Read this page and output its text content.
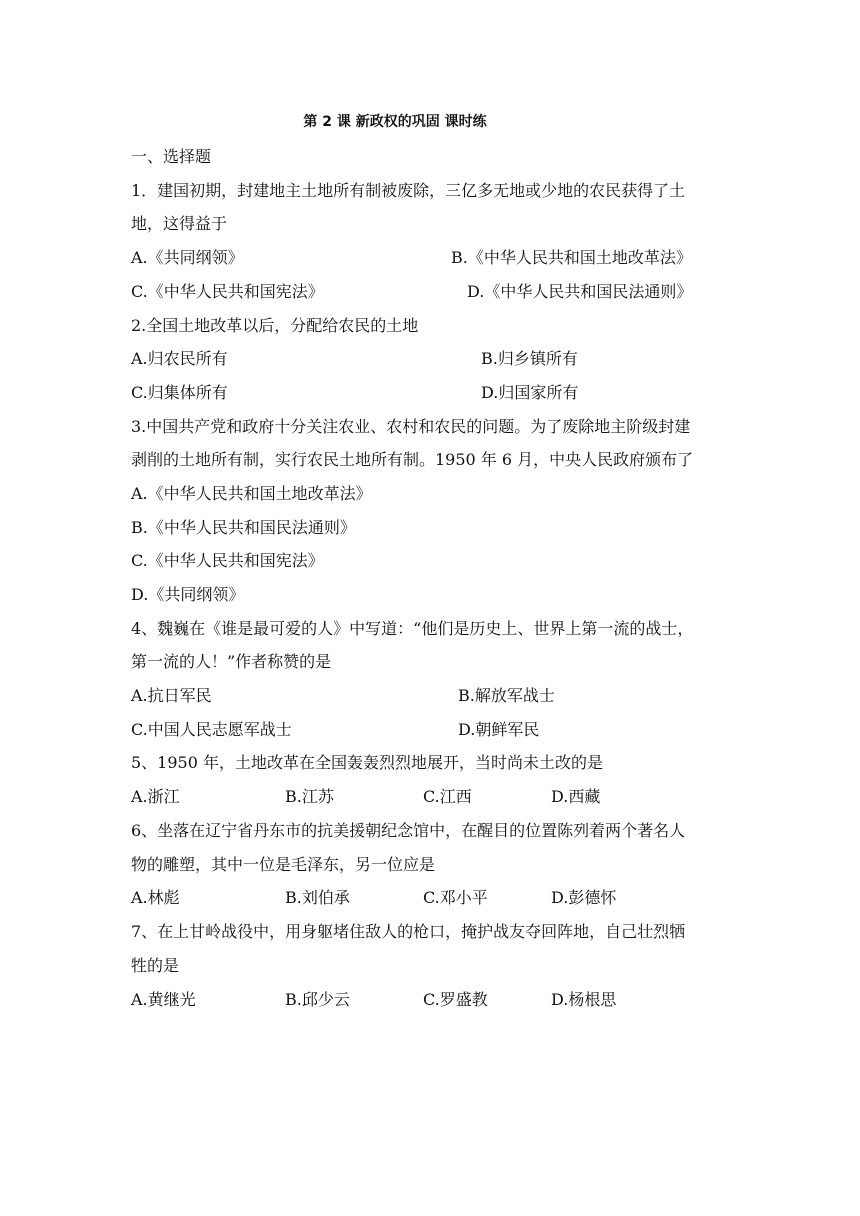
第 2 课 新政权的巩固 课时练
一、选择题
1．建国初期，封建地主土地所有制被废除，三亿多无地或少地的农民获得了土
地，这得益于
A.《共同纲领》	B.《中华人民共和国土地改革法》
C.《中华人民共和国宪法》	D.《中华人民共和国民法通则》
2.全国土地改革以后，分配给农民的土地
A.归农民所有	B.归乡镇所有
C.归集体所有	D.归国家所有
3.中国共产党和政府十分关注农业、农村和农民的问题。为了废除地主阶级封建
剥削的土地所有制，实行农民土地所有制。1950 年 6 月，中央人民政府颁布了
A.《中华人民共和国土地改革法》
B.《中华人民共和国民法通则》
C.《中华人民共和国宪法》
D.《共同纲领》
4、魏巍在《谁是最可爱的人》中写道：“他们是历史上、世界上第一流的战士，
第一流的人！”作者称赞的是
A.抗日军民	B.解放军战士
C.中国人民志愿军战士	D.朝鲜军民
5、1950 年，土地改革在全国轰轰烈烈地展开，当时尚未土改的是
A.浙江	B.江苏	C.江西	D.西藏
6、坐落在辽宁省丹东市的抗美援朝纪念馆中，在醒目的位置陈列着两个著名人
物的雕塑，其中一位是毛泽东，另一位应是
A.林彪	B.刘伯承	C.邓小平	D.彭德怀
7、在上甘岭战役中，用身躯堵住敌人的枪口，掩护战友夺回阵地，自己壮烈牺
牲的是
A.黄继光	B.邱少云	C.罗盛教	D.杨根思
